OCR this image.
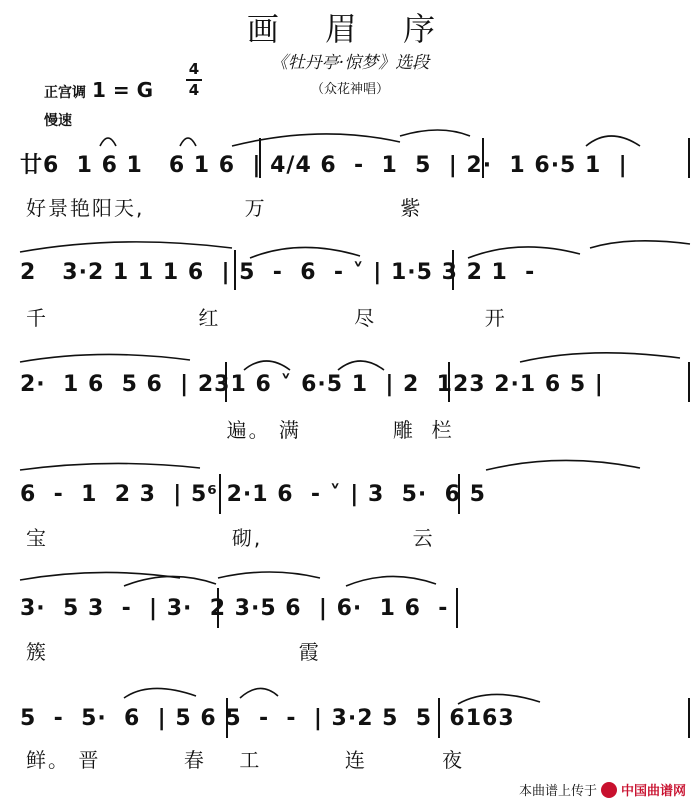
画 眉 序
《牡丹亭·惊梦》选段
（众花神唱）
正宫调 1 = G
4
4
慢速
廿6  1 6 1   6 1 6  | 4/4 6  -  1  5  | 2·  1 6·5 1  |
好景艳阳天,            万                紫
2   3·2 1 1 1 6  | 5  -  6  - ˅ | 1·5 3 2 1  -
千                  红                尽             开
2·  1 6  5 6  | 231 6 ˅ 6·5 1  | 2  123 2·1 6 5 |
遍。 满           雕  栏
6  -  1  2 3  | 5⁶ 2·1 6  - ˅ | 3  5·  6 5
宝                      砌,                  云
3·  5 3  -  | 3·  2 3·5 6  | 6·  1 6  -
簇                              霞
5  -  5·  6  | 5 6 5  -  -  | 3·2 5  5  6163
鲜。 晋          春    工          连         夜
本曲谱上传于 中国曲谱网
